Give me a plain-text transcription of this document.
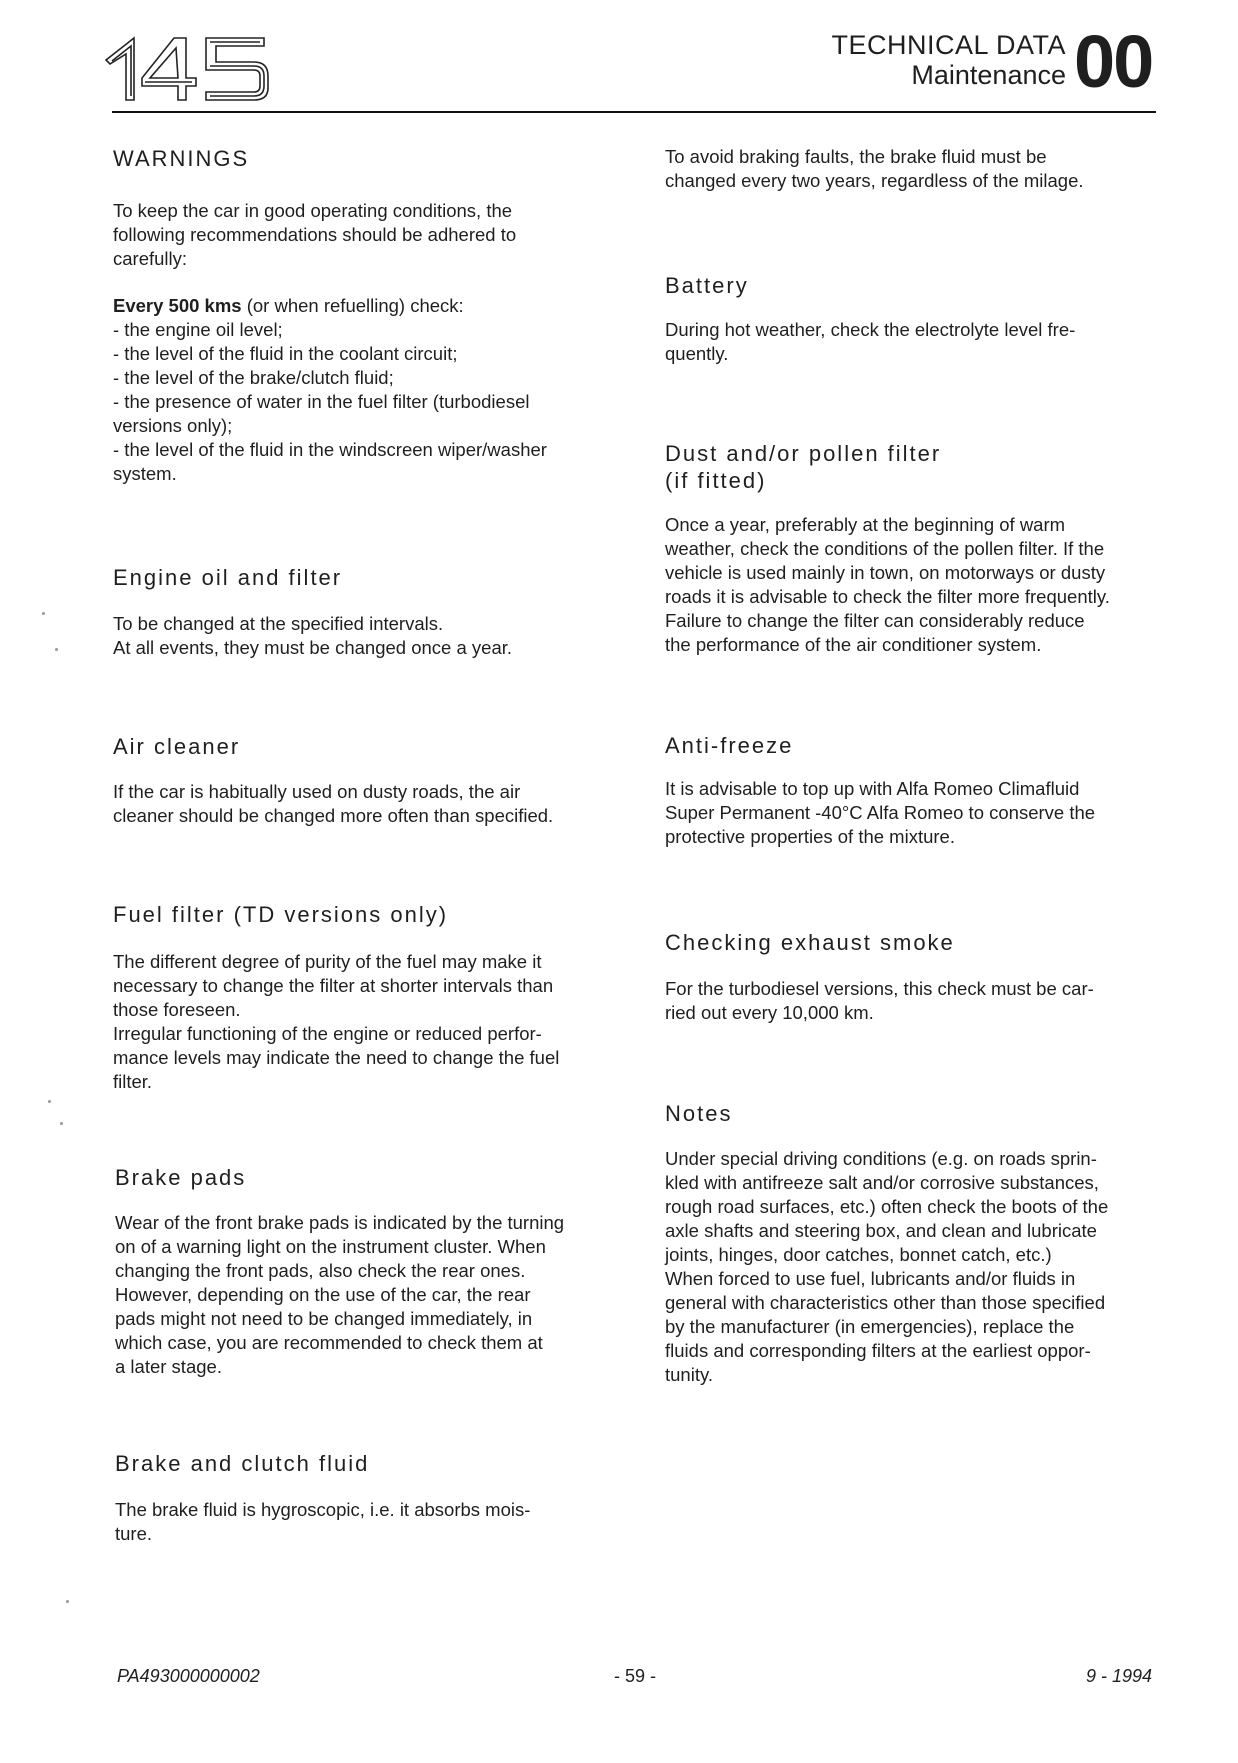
TECHNICAL DATA
Maintenance 00
WARNINGS
To keep the car in good operating conditions, the
following recommendations should be adhered to
carefully:
Every 500 kms (or when refuelling) check:
- the engine oil level;
- the level of the fluid in the coolant circuit;
- the level of the brake/clutch fluid;
- the presence of water in the fuel filter (turbodiesel
versions only);
- the level of the fluid in the windscreen wiper/washer
system.
Engine oil and filter
To be changed at the specified intervals.
At all events, they must be changed once a year.
Air cleaner
If the car is habitually used on dusty roads, the air
cleaner should be changed more often than specified.
Fuel filter (TD versions only)
The different degree of purity of the fuel may make it
necessary to change the filter at shorter intervals than
those foreseen.
Irregular functioning of the engine or reduced perfor-
mance levels may indicate the need to change the fuel
filter.
Brake pads
Wear of the front brake pads is indicated by the turning
on of a warning light on the instrument cluster. When
changing the front pads, also check the rear ones.
However, depending on the use of the car, the rear
pads might not need to be changed immediately, in
which case, you are recommended to check them at
a later stage.
Brake and clutch fluid
The brake fluid is hygroscopic, i.e. it absorbs mois-
ture.
To avoid braking faults, the brake fluid must be
changed every two years, regardless of the milage.
Battery
During hot weather, check the electrolyte level fre-
quently.
Dust and/or pollen filter
(if fitted)
Once a year, preferably at the beginning of warm
weather, check the conditions of the pollen filter. If the
vehicle is used mainly in town, on motorways or dusty
roads it is advisable to check the filter more frequently.
Failure to change the filter can considerably reduce
the performance of the air conditioner system.
Anti-freeze
It is advisable to top up with Alfa Romeo Climafluid
Super Permanent -40°C Alfa Romeo to conserve the
protective properties of the mixture.
Checking exhaust smoke
For the turbodiesel versions, this check must be car-
ried out every 10,000 km.
Notes
Under special driving conditions (e.g. on roads sprin-
kled with antifreeze salt and/or corrosive substances,
rough road surfaces, etc.) often check the boots of the
axle shafts and steering box, and clean and lubricate
joints, hinges, door catches, bonnet catch, etc.)
When forced to use fuel, lubricants and/or fluids in
general with characteristics other than those specified
by the manufacturer (in emergencies), replace the
fluids and corresponding filters at the earliest oppor-
tunity.
PA493000000002	- 59 -	9 - 1994
